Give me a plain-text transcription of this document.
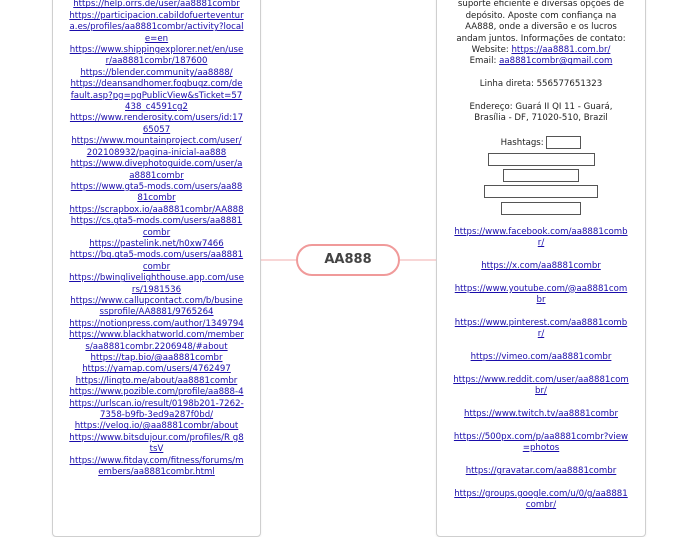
https://help.orrs.de/user/aa8881combr
https://participacion.cabildofuerteventura.es/profiles/aa8881combr/activity?locale=en
https://www.shippingexplorer.net/en/user/aa8881combr/187600
https://blender.community/aa8888/
https://deansandhomer.fogbugz.com/default.asp?pg=pgPublicView&sTicket=57438_c4591cg2
https://www.renderosity.com/users/id:1765057
https://www.mountainproject.com/user/202108932/pagina-inicial-aa888
https://www.divephotoguide.com/user/aa8881combr
https://www.gta5-mods.com/users/aa8881combr
https://scrapbox.io/aa8881combr/AA888
https://cs.gta5-mods.com/users/aa8881combr
https://pastelink.net/h0xw7466
https://bg.gta5-mods.com/users/aa8881combr
https://bwinglivelighthouse.app.com/users/1981536
https://www.callupcontact.com/b/businessprofile/AA8881/9765264
https://notionpress.com/author/1349794
https://www.blackhatworld.com/members/aa8881combr.2206948/#about
https://tap.bio/@aa8881combr
https://yamap.com/users/4762497
https://linqto.me/about/aa8881combr
https://www.pozible.com/profile/aa888-4
https://urlscan.io/result/0198b201-7262-7358-b9fb-3ed9a287f0bd/
https://velog.io/@aa8881combr/about
https://www.bitsdujour.com/profiles/R g8tsV
https://www.fitday.com/fitness/forums/members/aa8881combr.html
AA888

suporte eficiente e diversas opções de depósito. Aposte com confiança na AA888, onde a diversão e os lucros andam juntos. Informações de contato:

Website: https://aa8881.com.br/

Email: aa8881combr@gmail.com

Linha direta: 556577651323

Endereço: Guará II QI 11 - Guará, Brasília - DF, 71020-510, Brazil

Hashtags:

https://www.facebook.com/aa8881combr/
https://x.com/aa8881combr
https://www.youtube.com/@aa8881combr
https://www.pinterest.com/aa8881combr/
https://vimeo.com/aa8881combr
https://www.reddit.com/user/aa8881combr/
https://www.twitch.tv/aa8881combr
https://500px.com/p/aa8881combr?view=photos
https://gravatar.com/aa8881combr
https://groups.google.com/u/0/g/aa8881combr/
